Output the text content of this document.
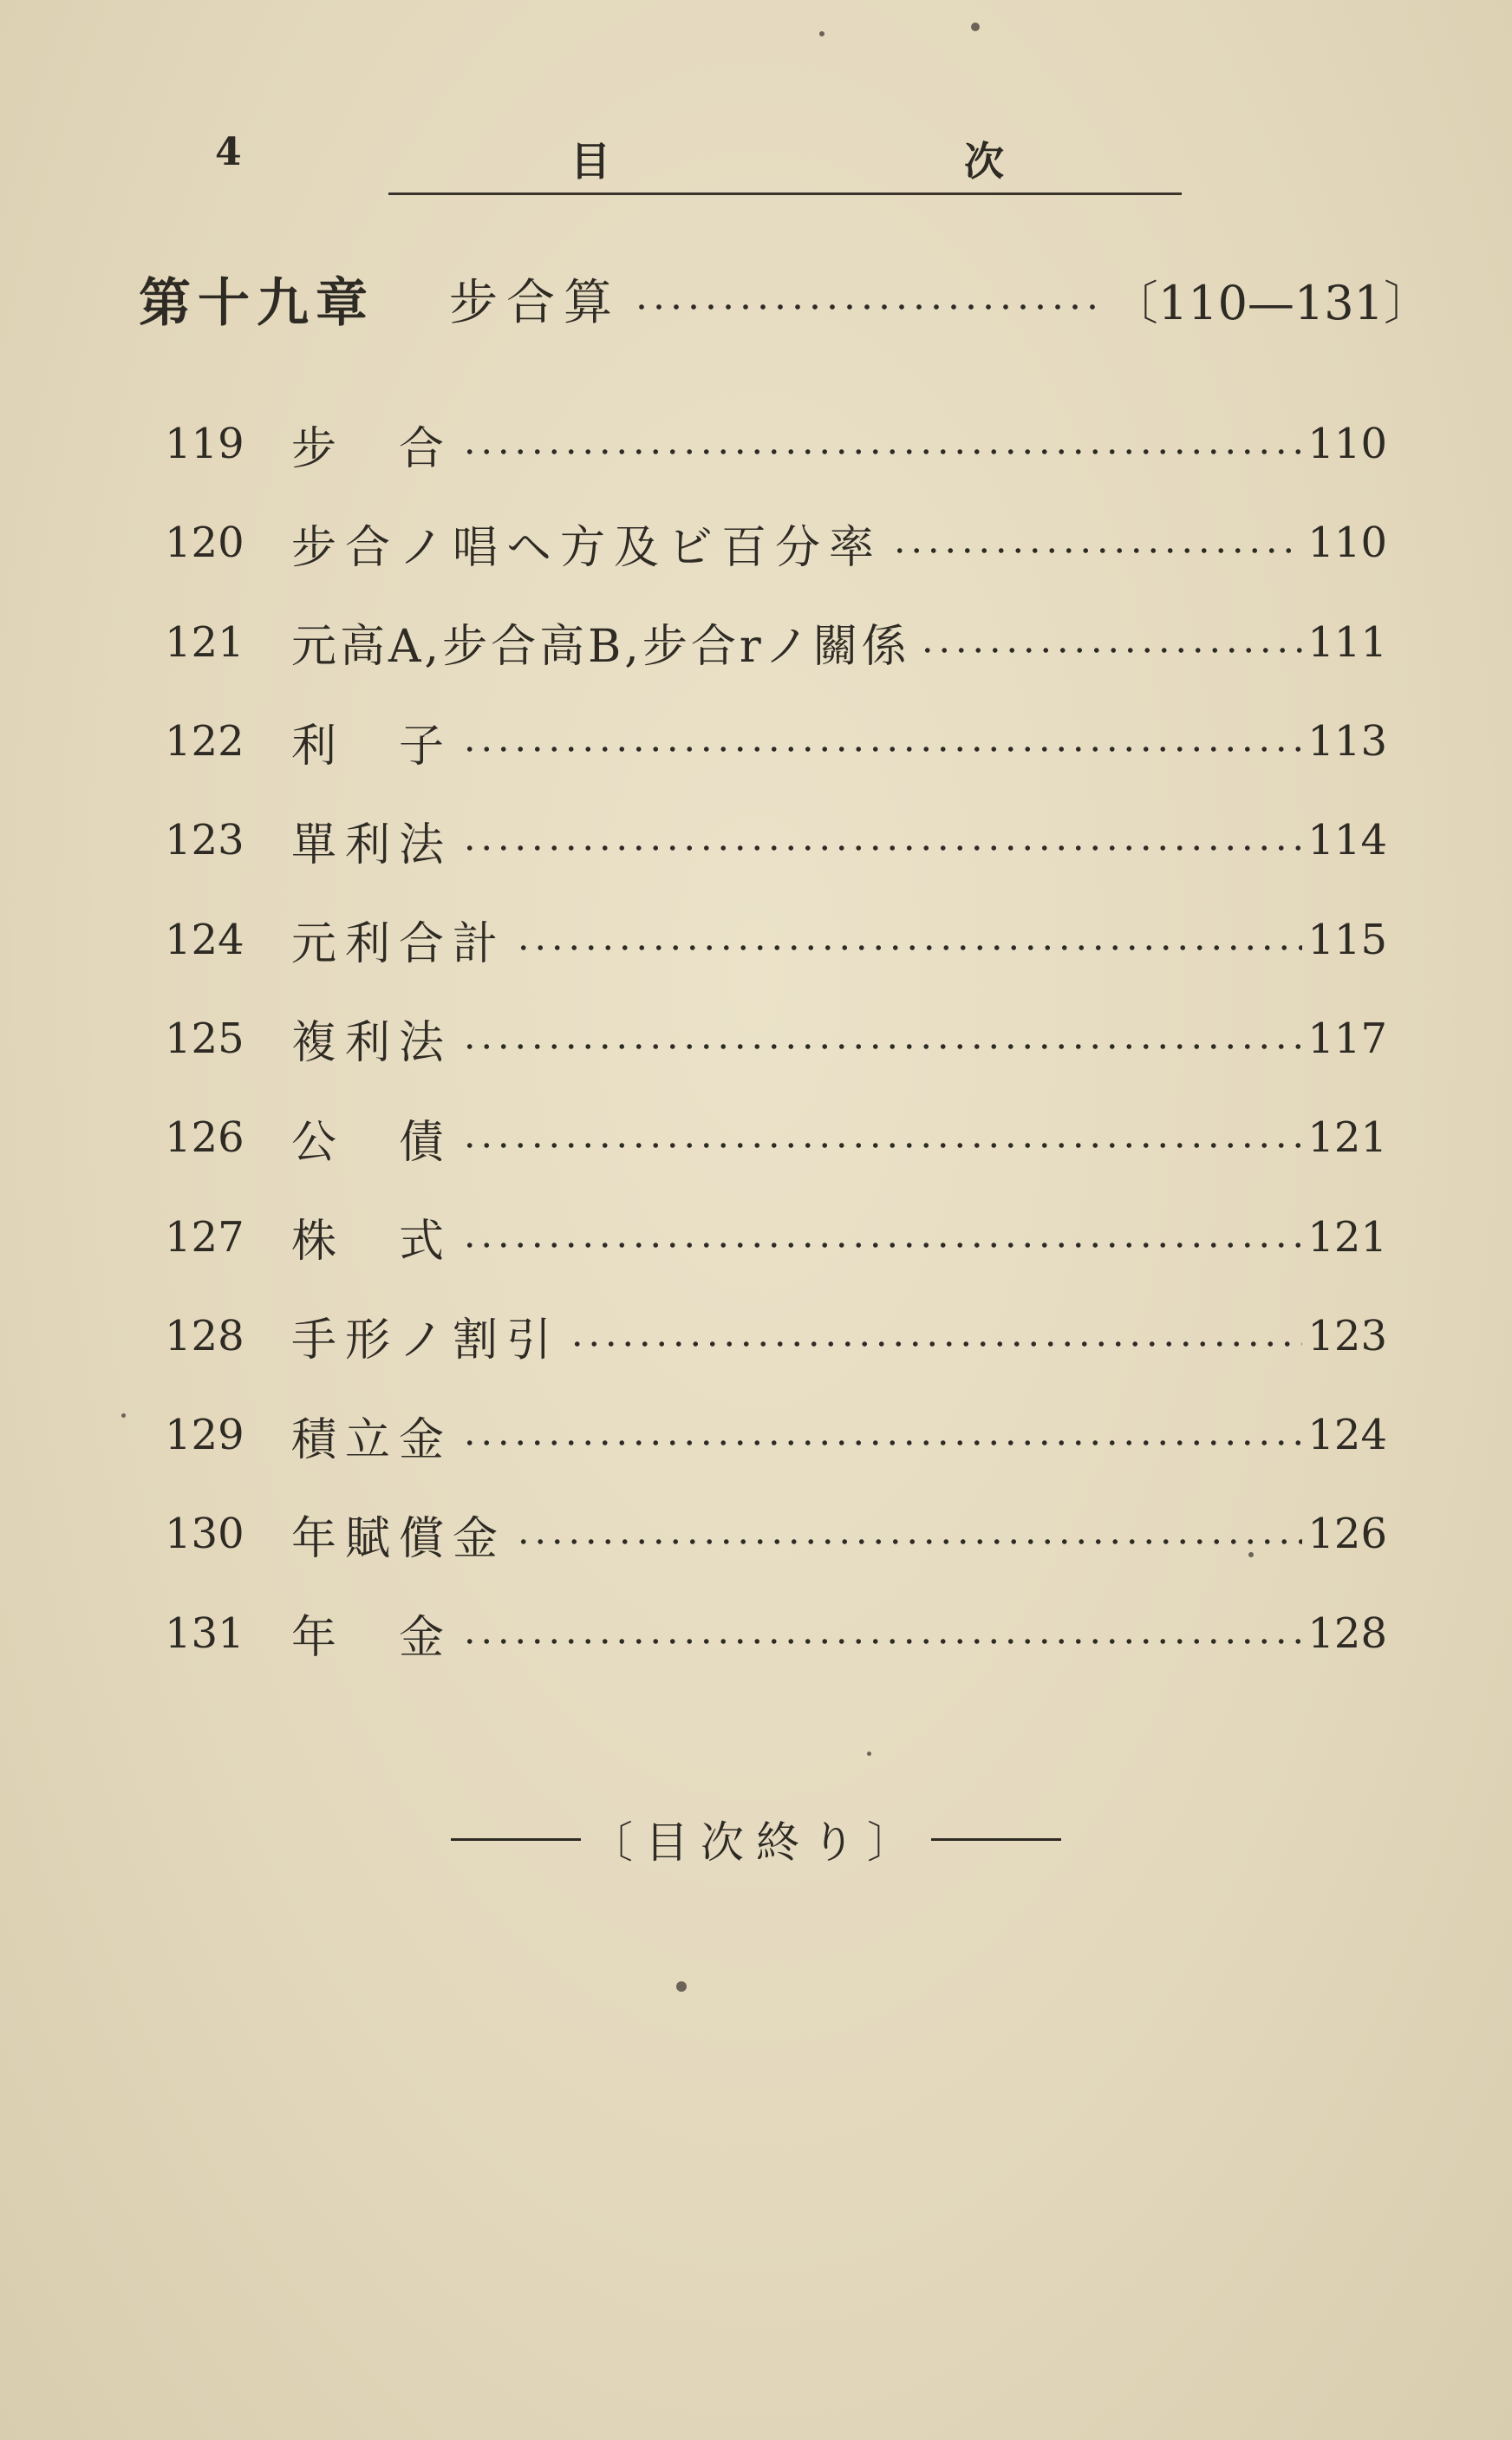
4	目	次
第十九章 步合算	〔110—131〕
119	步　合	110
120	步合ノ唱ヘ方及ビ百分率	110
121	元高A,步合高B,步合rノ關係	111
122	利　子	113
123	單利法	114
124	元利合計	115
125	複利法	117
126	公　債	121
127	株　式	121
128	手形ノ割引	123
129	積立金	124
130	年賦償金	126
131	年　金	128
〔目次終り〕
